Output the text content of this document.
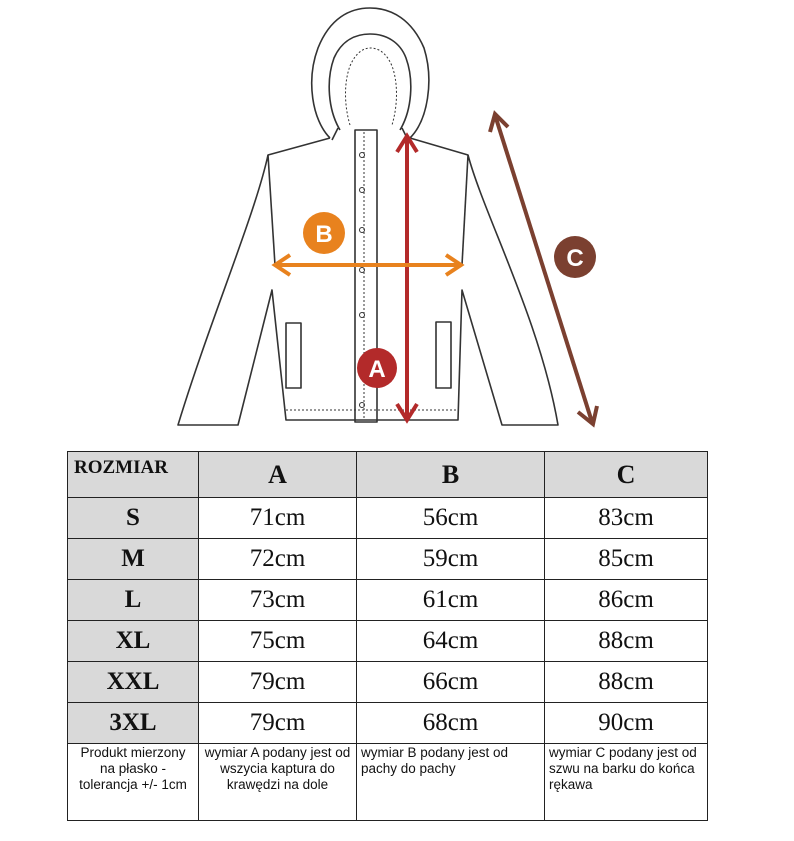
A
B
C
ROZMIAR	A	B	C
S	71cm	56cm	83cm
M	72cm	59cm	85cm
L	73cm	61cm	86cm
XL	75cm	64cm	88cm
XXL	79cm	66cm	88cm
3XL	79cm	68cm	90cm
Produkt mierzony na płasko - tolerancja +/- 1cm	wymiar A podany jest od wszycia kaptura do krawędzi na dole	wymiar B podany jest od pachy do pachy	wymiar C podany jest od szwu na barku do końca rękawa
